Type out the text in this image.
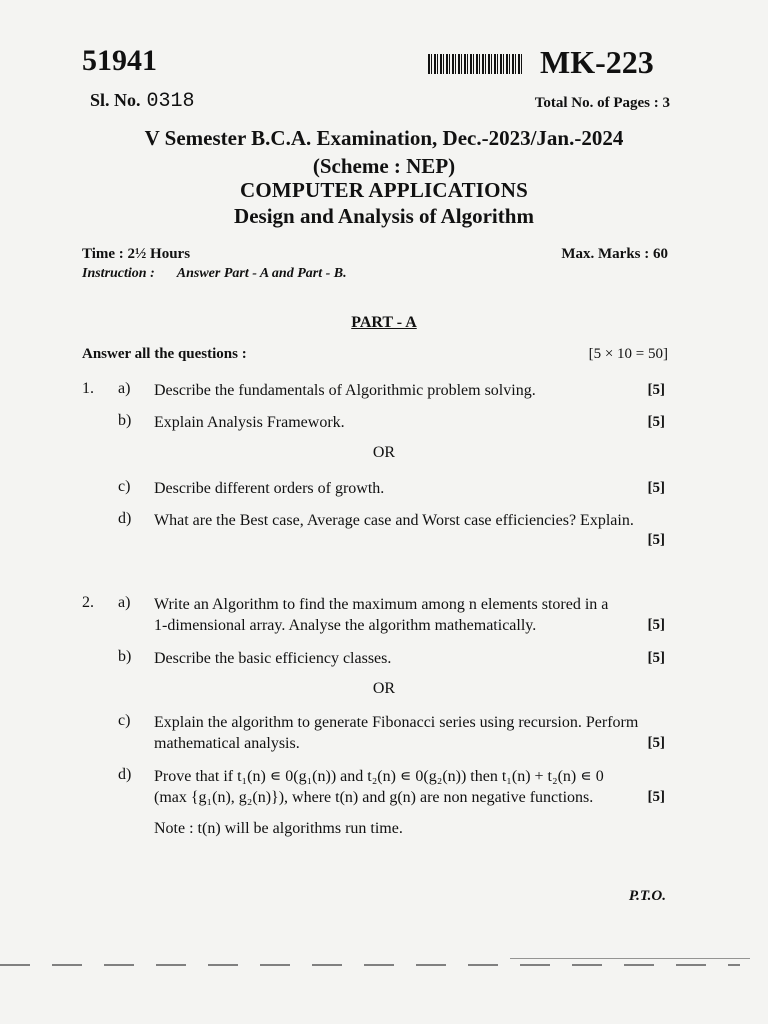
51941	MK-223
Sl. No. 0318	Total No. of Pages : 3
V Semester B.C.A. Examination, Dec.-2023/Jan.-2024
(Scheme : NEP)
COMPUTER APPLICATIONS
Design and Analysis of Algorithm
Time : 2½ Hours	Max. Marks : 60
Instruction : Answer Part - A and Part - B.
PART - A
Answer all the questions :	[5 × 10 = 50]
1. a) Describe the fundamentals of Algorithmic problem solving.	[5]
b) Explain Analysis Framework.	[5]
OR
c) Describe different orders of growth.	[5]
d) What are the Best case, Average case and Worst case efficiencies? Explain.
[5]
2. a) Write an Algorithm to find the maximum among n elements stored in a
1-dimensional array. Analyse the algorithm mathematically.	[5]
b) Describe the basic efficiency classes.	[5]
OR
c) Explain the algorithm to generate Fibonacci series using recursion. Perform
mathematical analysis.	[5]
d) Prove that if t₁(n) ∊ 0(g₁(n)) and t₂(n) ∊ 0(g₂(n)) then t₁(n) + t₂(n) ∊ 0
(max {g₁(n), g₂(n)}), where t(n) and g(n) are non negative functions.	[5]
Note : t(n) will be algorithms run time.
P.T.O.
